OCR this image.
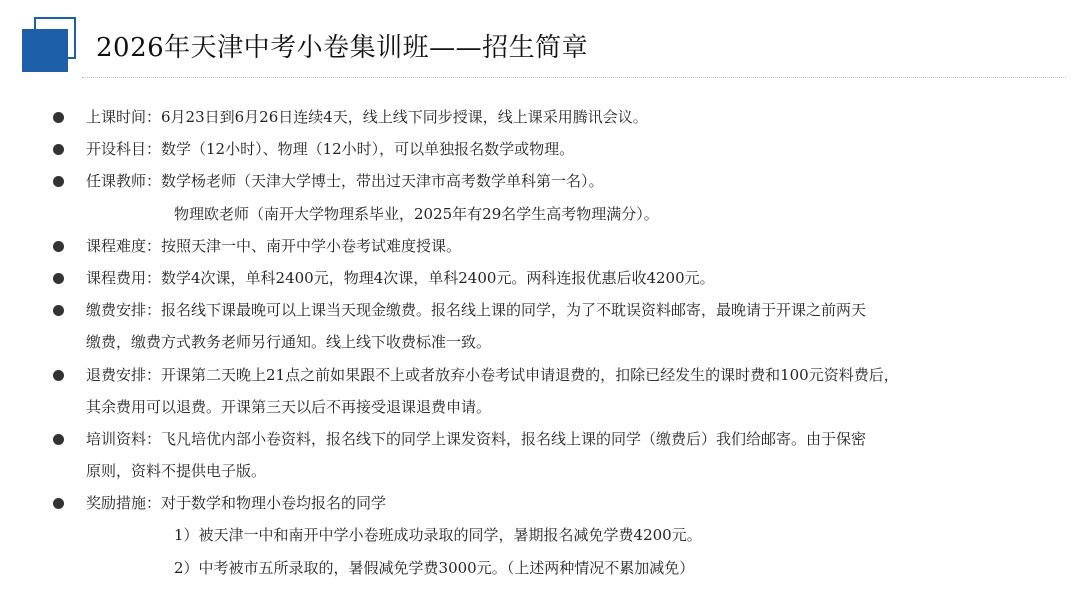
2026年天津中考小卷集训班——招生简章
上课时间：6月23日到6月26日连续4天，线上线下同步授课，线上课采用腾讯会议。
开设科目：数学（12小时）、物理（12小时），可以单独报名数学或物理。
任课教师：数学杨老师（天津大学博士，带出过天津市高考数学单科第一名）。
物理欧老师（南开大学物理系毕业，2025年有29名学生高考物理满分）。
课程难度：按照天津一中、南开中学小卷考试难度授课。
课程费用：数学4次课，单科2400元，物理4次课，单科2400元。两科连报优惠后收4200元。
缴费安排：报名线下课最晚可以上课当天现金缴费。报名线上课的同学，为了不耽误资料邮寄，最晚请于开课之前两天
缴费，缴费方式教务老师另行通知。线上线下收费标准一致。
退费安排：开课第二天晚上21点之前如果跟不上或者放弃小卷考试申请退费的，扣除已经发生的课时费和100元资料费后，
其余费用可以退费。开课第三天以后不再接受退课退费申请。
培训资料：飞凡培优内部小卷资料，报名线下的同学上课发资料，报名线上课的同学（缴费后）我们给邮寄。由于保密
原则，资料不提供电子版。
奖励措施：对于数学和物理小卷均报名的同学
1）被天津一中和南开中学小卷班成功录取的同学，暑期报名减免学费4200元。
2）中考被市五所录取的，暑假减免学费3000元。（上述两种情况不累加减免）
